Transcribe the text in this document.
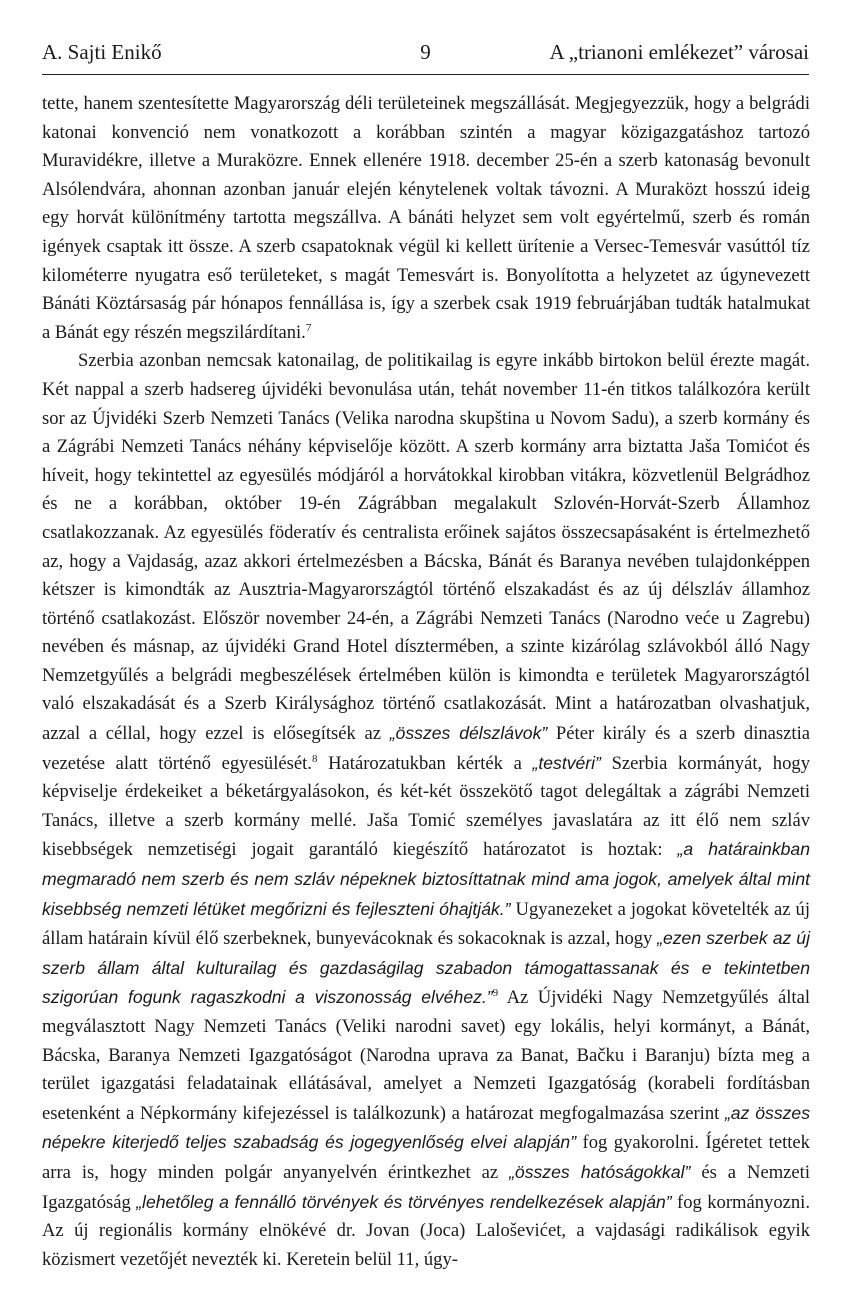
A. Sajti Enikő	9	A „trianoni emlékezet” városai

tette, hanem szentesítette Magyarország déli területeinek megszállását. Megjegyezzük, hogy a belgrádi katonai konvenció nem vonatkozott a korábban szintén a magyar közigazgatáshoz tartozó Muravidékre, illetve a Muraközre. Ennek ellenére 1918. december 25-én a szerb katonaság bevonult Alsólendvára, ahonnan azonban január elején kénytelenek voltak távozni. A Muraközt hosszú ideig egy horvát különítmény tartotta megszállva. A bánáti helyzet sem volt egyértelmű, szerb és román igények csaptak itt össze. A szerb csapatoknak végül ki kellett ürítenie a Versec-Temesvár vasúttól tíz kilométerre nyugatra eső területeket, s magát Temesvárt is. Bonyolította a helyzetet az úgynevezett Bánáti Köztársaság pár hónapos fennállása is, így a szerbek csak 1919 februárjában tudták hatalmukat a Bánát egy részén megszilárdítani.$^7$

Szerbia azonban nemcsak katonailag, de politikailag is egyre inkább birtokon belül érezte magát. Két nappal a szerb hadsereg újvidéki bevonulása után, tehát november 11-én titkos találkozóra került sor az Újvidéki Szerb Nemzeti Tanács (Velika narodna skupština u Novom Sadu), a szerb kormány és a Zágrábi Nemzeti Tanács néhány képviselője között. A szerb kormány arra biztatta Jaša Tomićot és híveit, hogy tekintettel az egyesülés módjáról a horvátokkal kirobban vitákra, közvetlenül Belgrádhoz és ne a korábban, október 19-én Zágrábban megalakult Szlovén-Horvát-Szerb Államhoz csatlakozzanak. Az egyesülés föderatív és centralista erőinek sajátos összecsapásaként is értelmezhető az, hogy a Vajdaság, azaz akkori értelmezésben a Bácska, Bánát és Baranya nevében tulajdonképpen kétszer is kimondták az Ausztria-Magyarországtól történő elszakadást és az új délszláv államhoz történő csatlakozást. Először november 24-én, a Zágrábi Nemzeti Tanács (Narodno veće u Zagrebu) nevében és másnap, az újvidéki Grand Hotel dísztermében, a szinte kizárólag szlávokból álló Nagy Nemzetgyűlés a belgrádi megbeszélések értelmében külön is kimondta e területek Magyarországtól való elszakadását és a Szerb Királysághoz történő csatlakozását. Mint a határozatban olvashatjuk, azzal a céllal, hogy ezzel is elősegítsék az „összes délszlávok” Péter király és a szerb dinasztia vezetése alatt történő egyesülését.$^8$ Határozatukban kérték a „testvéri” Szerbia kormányát, hogy képviselje érdekeiket a béketárgyalásokon, és két-két összekötő tagot delegáltak a zágrábi Nemzeti Tanács, illetve a szerb kormány mellé. Jaša Tomić személyes javaslatára az itt élő nem szláv kisebbségek nemzetiségi jogait garantáló kiegészítő határozatot is hoztak: „a határainkban megmaradó nem szerb és nem szláv népeknek biztosíttatnak mind ama jogok, amelyek által mint kisebbség nemzeti létüket megőrizni és fejleszteni óhajtják.” Ugyanezeket a jogokat követelték az új állam határain kívül élő szerbeknek, bunyevácoknak és sokacoknak is azzal, hogy „ezen szerbek az új szerb állam által kulturailag és gazdaságilag szabadon támogattassanak és e tekintetben szigorúan fogunk ragaszkodni a viszonosság elvéhez.”$^9$ Az Újvidéki Nagy Nemzetgyűlés által megválasztott Nagy Nemzeti Tanács (Veliki narodni savet) egy lokális, helyi kormányt, a Bánát, Bácska, Baranya Nemzeti Igazgatóságot (Narodna uprava za Banat, Bačku i Baranju) bízta meg a terület igazgatási feladatainak ellátásával, amelyet a Nemzeti Igazgatóság (korabeli fordításban esetenként a Népkormány kifejezéssel is találkozunk) a határozat megfogalmazása szerint „az összes népekre kiterjedő teljes szabadság és jogegyenlőség elvei alapján” fog gyakorolni. Ígéretet tettek arra is, hogy minden polgár anyanyelvén érintkezhet az „összes hatóságokkal” és a Nemzeti Igazgatóság „lehetőleg a fennálló törvények és törvényes rendelkezések alapján” fog kormányozni. Az új regionális kormány elnökévé dr. Jovan (Joca) Laloševićet, a vajdasági radikálisok egyik közismert vezetőjét nevezték ki. Keretein belül 11, úgy-
